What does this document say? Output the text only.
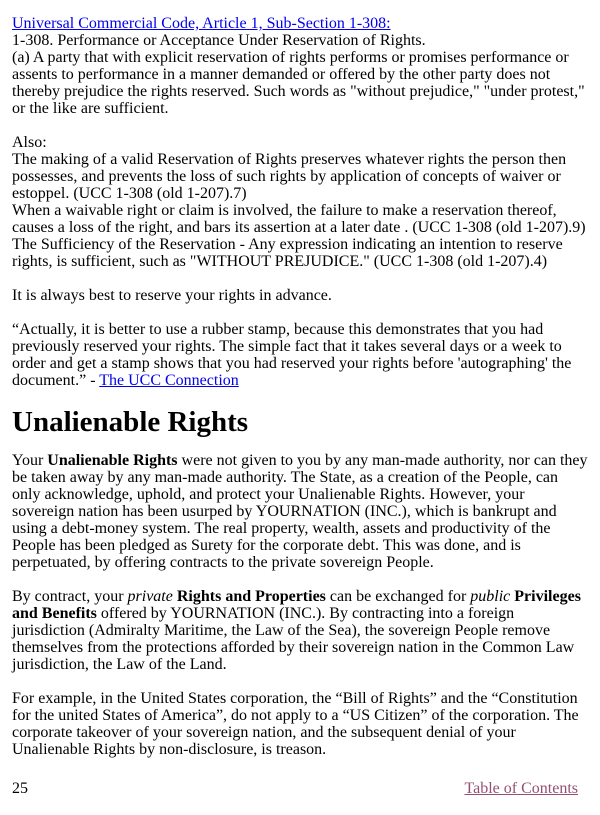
Universal Commercial Code, Article 1, Sub-Section 1-308:
1-308. Performance or Acceptance Under Reservation of Rights.
(a) A party that with explicit reservation of rights performs or promises performance or assents to performance in a manner demanded or offered by the other party does not thereby prejudice the rights reserved. Such words as "without prejudice," "under protest," or the like are sufficient.
Also:
The making of a valid Reservation of Rights preserves whatever rights the person then possesses, and prevents the loss of such rights by application of concepts of waiver or estoppel. (UCC 1-308 (old 1-207).7)
When a waivable right or claim is involved, the failure to make a reservation thereof, causes a loss of the right, and bars its assertion at a later date . (UCC 1-308 (old 1-207).9)
The Sufficiency of the Reservation - Any expression indicating an intention to reserve rights, is sufficient, such as "WITHOUT PREJUDICE." (UCC 1-308 (old 1-207).4)
It is always best to reserve your rights in advance.
“Actually, it is better to use a rubber stamp, because this demonstrates that you had previously reserved your rights. The simple fact that it takes several days or a week to order and get a stamp shows that you had reserved your rights before 'autographing' the document.” - The UCC Connection
Unalienable Rights
Your Unalienable Rights were not given to you by any man-made authority, nor can they be taken away by any man-made authority. The State, as a creation of the People, can only acknowledge, uphold, and protect your Unalienable Rights. However, your sovereign nation has been usurped by YOURNATION (INC.), which is bankrupt and using a debt-money system. The real property, wealth, assets and productivity of the People has been pledged as Surety for the corporate debt. This was done, and is perpetuated, by offering contracts to the private sovereign People.
By contract, your private Rights and Properties can be exchanged for public Privileges and Benefits offered by YOURNATION (INC.). By contracting into a foreign jurisdiction (Admiralty Maritime, the Law of the Sea), the sovereign People remove themselves from the protections afforded by their sovereign nation in the Common Law jurisdiction, the Law of the Land.
For example, in the United States corporation, the “Bill of Rights” and the “Constitution for the united States of America”, do not apply to a “US Citizen” of the corporation. The corporate takeover of your sovereign nation, and the subsequent denial of your Unalienable Rights by non-disclosure, is treason.
25	Table of Contents
